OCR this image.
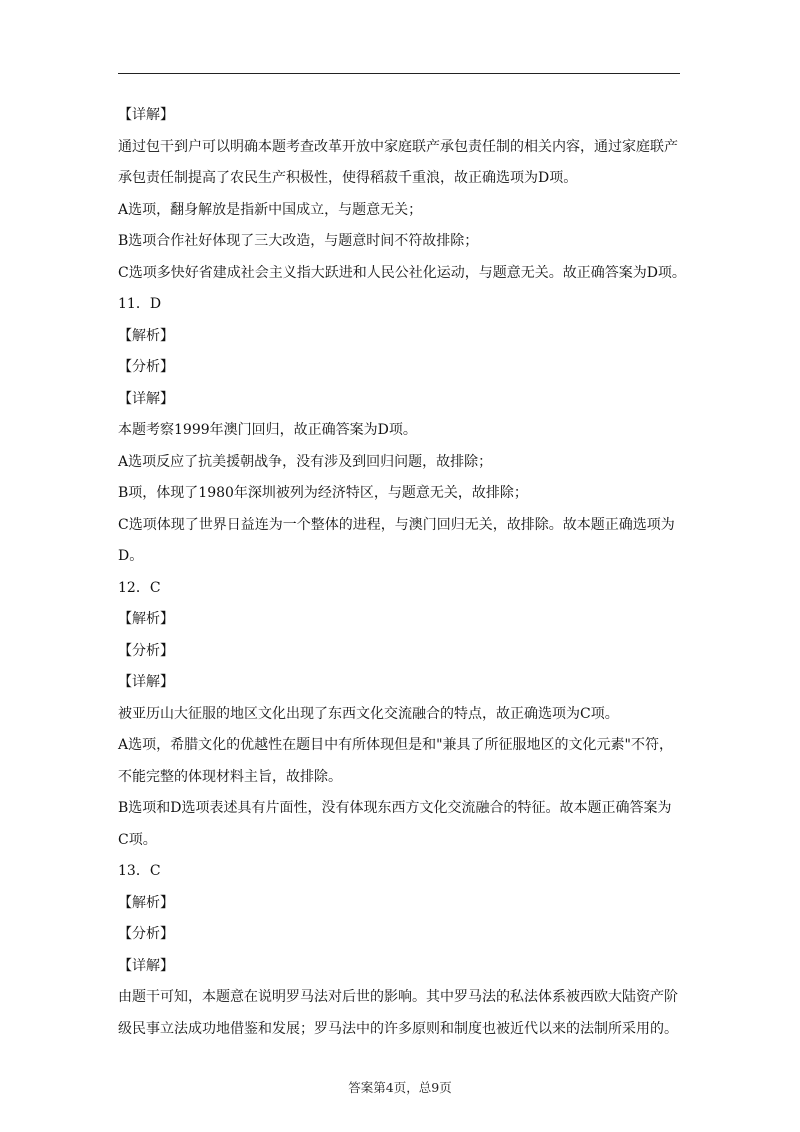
【详解】
通过包干到户可以明确本题考查改革开放中家庭联产承包责任制的相关内容，通过家庭联产
承包责任制提高了农民生产积极性，使得稻菽千重浪，故正确选项为D项。
A选项，翻身解放是指新中国成立，与题意无关；
B选项合作社好体现了三大改造，与题意时间不符故排除；
C选项多快好省建成社会主义指大跃进和人民公社化运动，与题意无关。故正确答案为D项。
11．D
【解析】
【分析】
【详解】
本题考察1999年澳门回归，故正确答案为D项。
A选项反应了抗美援朝战争，没有涉及到回归问题，故排除；
B项，体现了1980年深圳被列为经济特区，与题意无关，故排除；
C选项体现了世界日益连为一个整体的进程，与澳门回归无关，故排除。故本题正确选项为
D。
12．C
【解析】
【分析】
【详解】
被亚历山大征服的地区文化出现了东西文化交流融合的特点，故正确选项为C项。
A选项，希腊文化的优越性在题目中有所体现但是和"兼具了所征服地区的文化元素"不符，
不能完整的体现材料主旨，故排除。
B选项和D选项表述具有片面性，没有体现东西方文化交流融合的特征。故本题正确答案为
C项。
13．C
【解析】
【分析】
【详解】
由题干可知，本题意在说明罗马法对后世的影响。其中罗马法的私法体系被西欧大陆资产阶
级民事立法成功地借鉴和发展；罗马法中的许多原则和制度也被近代以来的法制所采用的。
答案第4页，总9页
